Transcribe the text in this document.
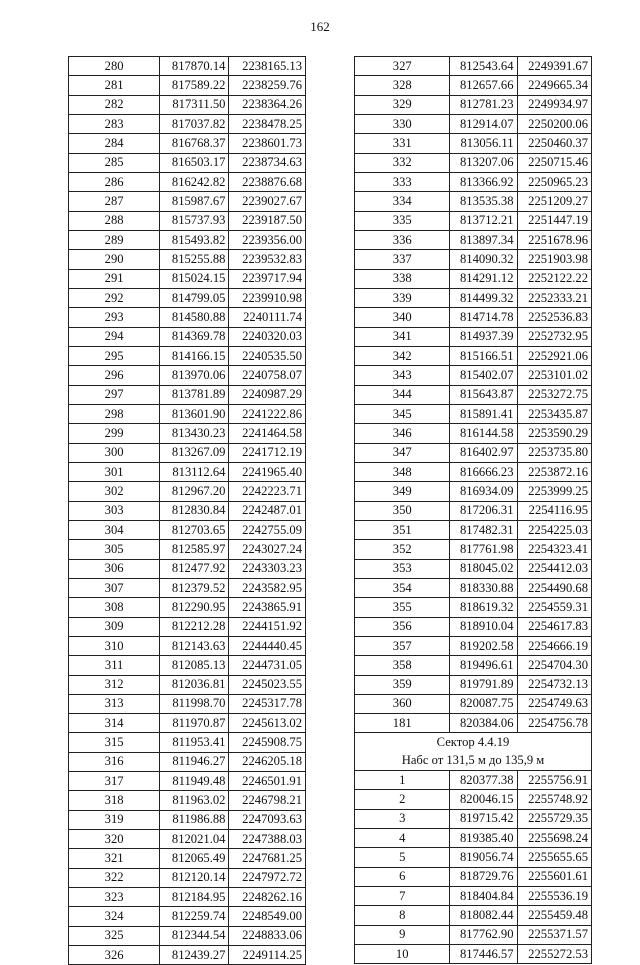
162
280	817870.14	2238165.13
281	817589.22	2238259.76
282	817311.50	2238364.26
283	817037.82	2238478.25
284	816768.37	2238601.73
285	816503.17	2238734.63
286	816242.82	2238876.68
287	815987.67	2239027.67
288	815737.93	2239187.50
289	815493.82	2239356.00
290	815255.88	2239532.83
291	815024.15	2239717.94
292	814799.05	2239910.98
293	814580.88	2240111.74
294	814369.78	2240320.03
295	814166.15	2240535.50
296	813970.06	2240758.07
297	813781.89	2240987.29
298	813601.90	2241222.86
299	813430.23	2241464.58
300	813267.09	2241712.19
301	813112.64	2241965.40
302	812967.20	2242223.71
303	812830.84	2242487.01
304	812703.65	2242755.09
305	812585.97	2243027.24
306	812477.92	2243303.23
307	812379.52	2243582.95
308	812290.95	2243865.91
309	812212.28	2244151.92
310	812143.63	2244440.45
311	812085.13	2244731.05
312	812036.81	2245023.55
313	811998.70	2245317.78
314	811970.87	2245613.02
315	811953.41	2245908.75
316	811946.27	2246205.18
317	811949.48	2246501.91
318	811963.02	2246798.21
319	811986.88	2247093.63
320	812021.04	2247388.03
321	812065.49	2247681.25
322	812120.14	2247972.72
323	812184.95	2248262.16
324	812259.74	2248549.00
325	812344.54	2248833.06
326	812439.27	2249114.25
327	812543.64	2249391.67
328	812657.66	2249665.34
329	812781.23	2249934.97
330	812914.07	2250200.06
331	813056.11	2250460.37
332	813207.06	2250715.46
333	813366.92	2250965.23
334	813535.38	2251209.27
335	813712.21	2251447.19
336	813897.34	2251678.96
337	814090.32	2251903.98
338	814291.12	2252122.22
339	814499.32	2252333.21
340	814714.78	2252536.83
341	814937.39	2252732.95
342	815166.51	2252921.06
343	815402.07	2253101.02
344	815643.87	2253272.75
345	815891.41	2253435.87
346	816144.58	2253590.29
347	816402.97	2253735.80
348	816666.23	2253872.16
349	816934.09	2253999.25
350	817206.31	2254116.95
351	817482.31	2254225.03
352	817761.98	2254323.41
353	818045.02	2254412.03
354	818330.88	2254490.68
355	818619.32	2254559.31
356	818910.04	2254617.83
357	819202.58	2254666.19
358	819496.61	2254704.30
359	819791.89	2254732.13
360	820087.75	2254749.63
181	820384.06	2254756.78
Сектор 4.4.19		
Набс от 131,5 м до 135,9 м		
1	820377.38	2255756.91
2	820046.15	2255748.92
3	819715.42	2255729.35
4	819385.40	2255698.24
5	819056.74	2255655.65
6	818729.76	2255601.61
7	818404.84	2255536.19
8	818082.44	2255459.48
9	817762.90	2255371.57
10	817446.57	2255272.53
